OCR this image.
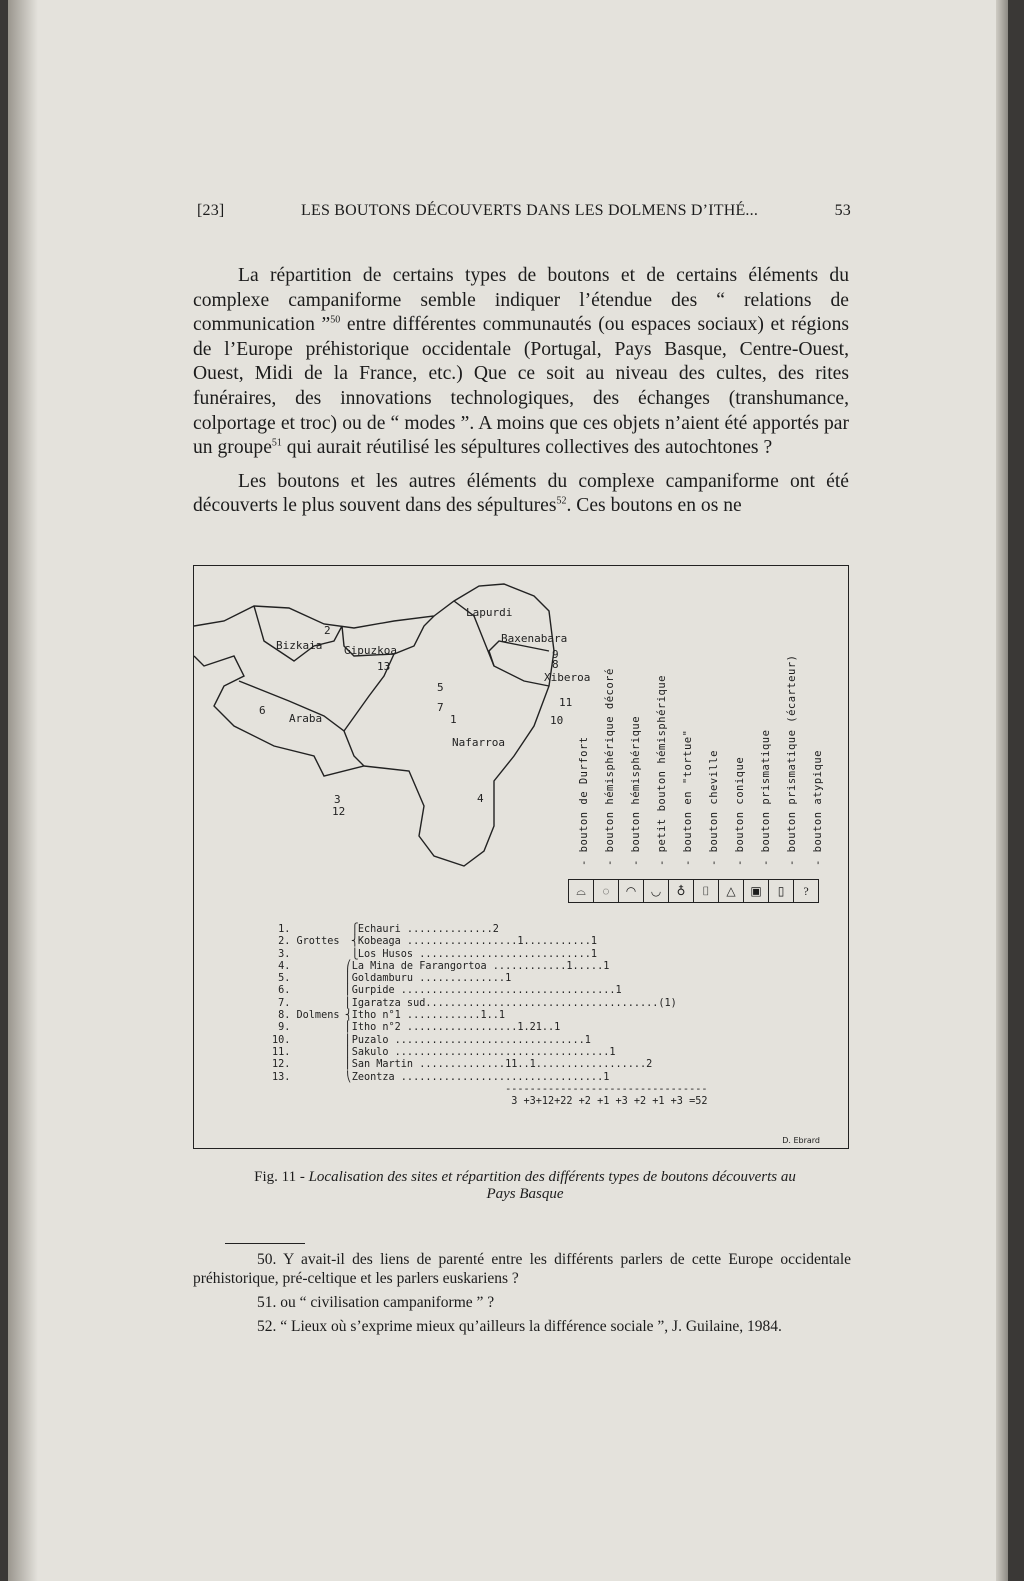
[23]	LES BOUTONS DÉCOUVERTS DANS LES DOLMENS D’ITHÉ...	53

La répartition de certains types de boutons et de certains éléments du complexe campaniforme semble indiquer l’étendue des “ relations de communication ”$^{50}$ entre différentes communautés (ou espaces sociaux) et régions de l’Europe préhistorique occidentale (Portugal, Pays Basque, Centre-Ouest, Ouest, Midi de la France, etc.) Que ce soit au niveau des cultes, des rites funéraires, des innovations technologiques, des échanges (transhumance, colportage et troc) ou de “ modes ”. A moins que ces objets n’aient été apportés par un groupe$^{51}$ qui aurait réutilisé les sépultures collectives des autochtones ?

Les boutons et les autres éléments du complexe campaniforme ont été découverts le plus souvent dans des sépultures$^{52}$. Ces boutons en os ne

Lapurdi
Bizkaia Gipuzkoa
Baxenabara
Xiberoa
Araba
Nafarroa
2
13
5
7
1
9
8
11
10
6
3
12
4	- bouton de Durfort - bouton hémisphérique décoré - bouton hémisphérique - petit bouton hémisphérique - bouton en "tortue" - bouton cheville - bouton conique - bouton prismatique - bouton prismatique (écarteur) - bouton atypique
⌓	◌	◠	◡	♁	⌷	△	▣	▯	?
1.          ⎧Echauri ..............2
2. Grottes  ⎨Kobeaga ..................1...........1
3.          ⎩Los Husos ............................1
4.         ⎛La Mina de Farangortoa ............1.....1
5.         ⎜Goldamburu ..............1
6.         ⎜Gurpide ...................................1
7.         ⎜Igaratza sud......................................(1)
8. Dolmens ⎨Itho n°1 ............1..1
9.         ⎜Itho n°2 ..................1.21..1
10.         ⎜Puzalo ...............................1
11.         ⎜Sakulo ...................................1
12.         ⎜San Martin ..............11..1..................2
13.         ⎝Zeontza .................................1
---------------------------------
3 +3+12+22 +2 +1 +3 +2 +1 +3 =52
D. Ebrard
Fig. 11 - Localisation des sites et répartition des différents types de boutons découverts au Pays Basque

50. Y avait-il des liens de parenté entre les différents parlers de cette Europe occidentale préhistorique, pré-celtique et les parlers euskariens ?

51. ou “ civilisation campaniforme ” ?

52. “ Lieux où s’exprime mieux qu’ailleurs la différence sociale ”, J. Guilaine, 1984.
